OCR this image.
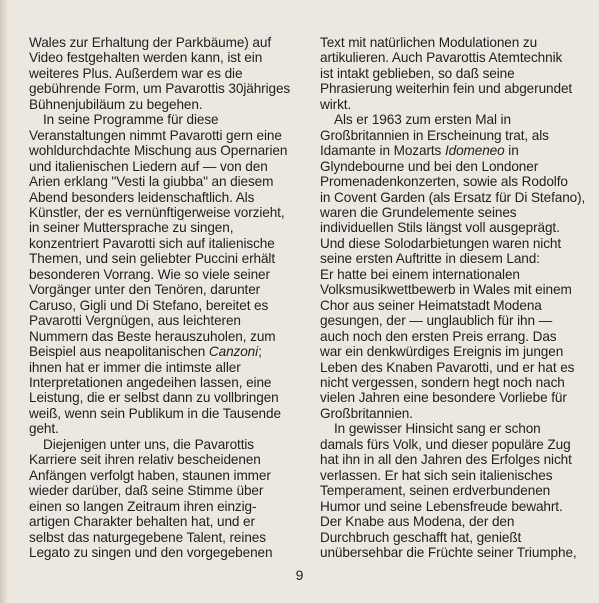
Wales zur Erhaltung der Parkbäume) auf
Video festgehalten werden kann, ist ein
weiteres Plus. Außerdem war es die
gebührende Form, um Pavarottis 30jähriges
Bühnenjubiläum zu begehen.
In seine Programme für diese
Veranstaltungen nimmt Pavarotti gern eine
wohldurchdachte Mischung aus Opernarien
und italienischen Liedern auf — von den
Arien erklang "Vesti la giubba" an diesem
Abend besonders leidenschaftlich. Als
Künstler, der es vernünftigerweise vorzieht,
in seiner Muttersprache zu singen,
konzentriert Pavarotti sich auf italienische
Themen, und sein geliebter Puccini erhält
besonderen Vorrang. Wie so viele seiner
Vorgänger unter den Tenören, darunter
Caruso, Gigli und Di Stefano, bereitet es
Pavarotti Vergnügen, aus leichteren
Nummern das Beste herauszuholen, zum
Beispiel aus neapolitanischen Canzoni;
ihnen hat er immer die intimste aller
Interpretationen angedeihen lassen, eine
Leistung, die er selbst dann zu vollbringen
weiß, wenn sein Publikum in die Tausende
geht.
Diejenigen unter uns, die Pavarottis
Karriere seit ihren relativ bescheidenen
Anfängen verfolgt haben, staunen immer
wieder darüber, daß seine Stimme über
einen so langen Zeitraum ihren einzig-
artigen Charakter behalten hat, und er
selbst das naturgegebene Talent, reines
Legato zu singen und den vorgegebenen
Text mit natürlichen Modulationen zu
artikulieren. Auch Pavarottis Atemtechnik
ist intakt geblieben, so daß seine
Phrasierung weiterhin fein und abgerundet
wirkt.
Als er 1963 zum ersten Mal in
Großbritannien in Erscheinung trat, als
Idamante in Mozarts Idomeneo in
Glyndebourne und bei den Londoner
Promenadenkonzerten, sowie als Rodolfo
in Covent Garden (als Ersatz für Di Stefano),
waren die Grundelemente seines
individuellen Stils längst voll ausgeprägt.
Und diese Solodarbietungen waren nicht
seine ersten Auftritte in diesem Land:
Er hatte bei einem internationalen
Volksmusikwettbewerb in Wales mit einem
Chor aus seiner Heimatstadt Modena
gesungen, der — unglaublich für ihn —
auch noch den ersten Preis errang. Das
war ein denkwürdiges Ereignis im jungen
Leben des Knaben Pavarotti, und er hat es
nicht vergessen, sondern hegt noch nach
vielen Jahren eine besondere Vorliebe für
Großbritannien.
In gewisser Hinsicht sang er schon
damals fürs Volk, und dieser populäre Zug
hat ihn in all den Jahren des Erfolges nicht
verlassen. Er hat sich sein italienisches
Temperament, seinen erdverbundenen
Humor und seine Lebensfreude bewahrt.
Der Knabe aus Modena, der den
Durchbruch geschafft hat, genießt
unübersehbar die Früchte seiner Triumphe,
9
